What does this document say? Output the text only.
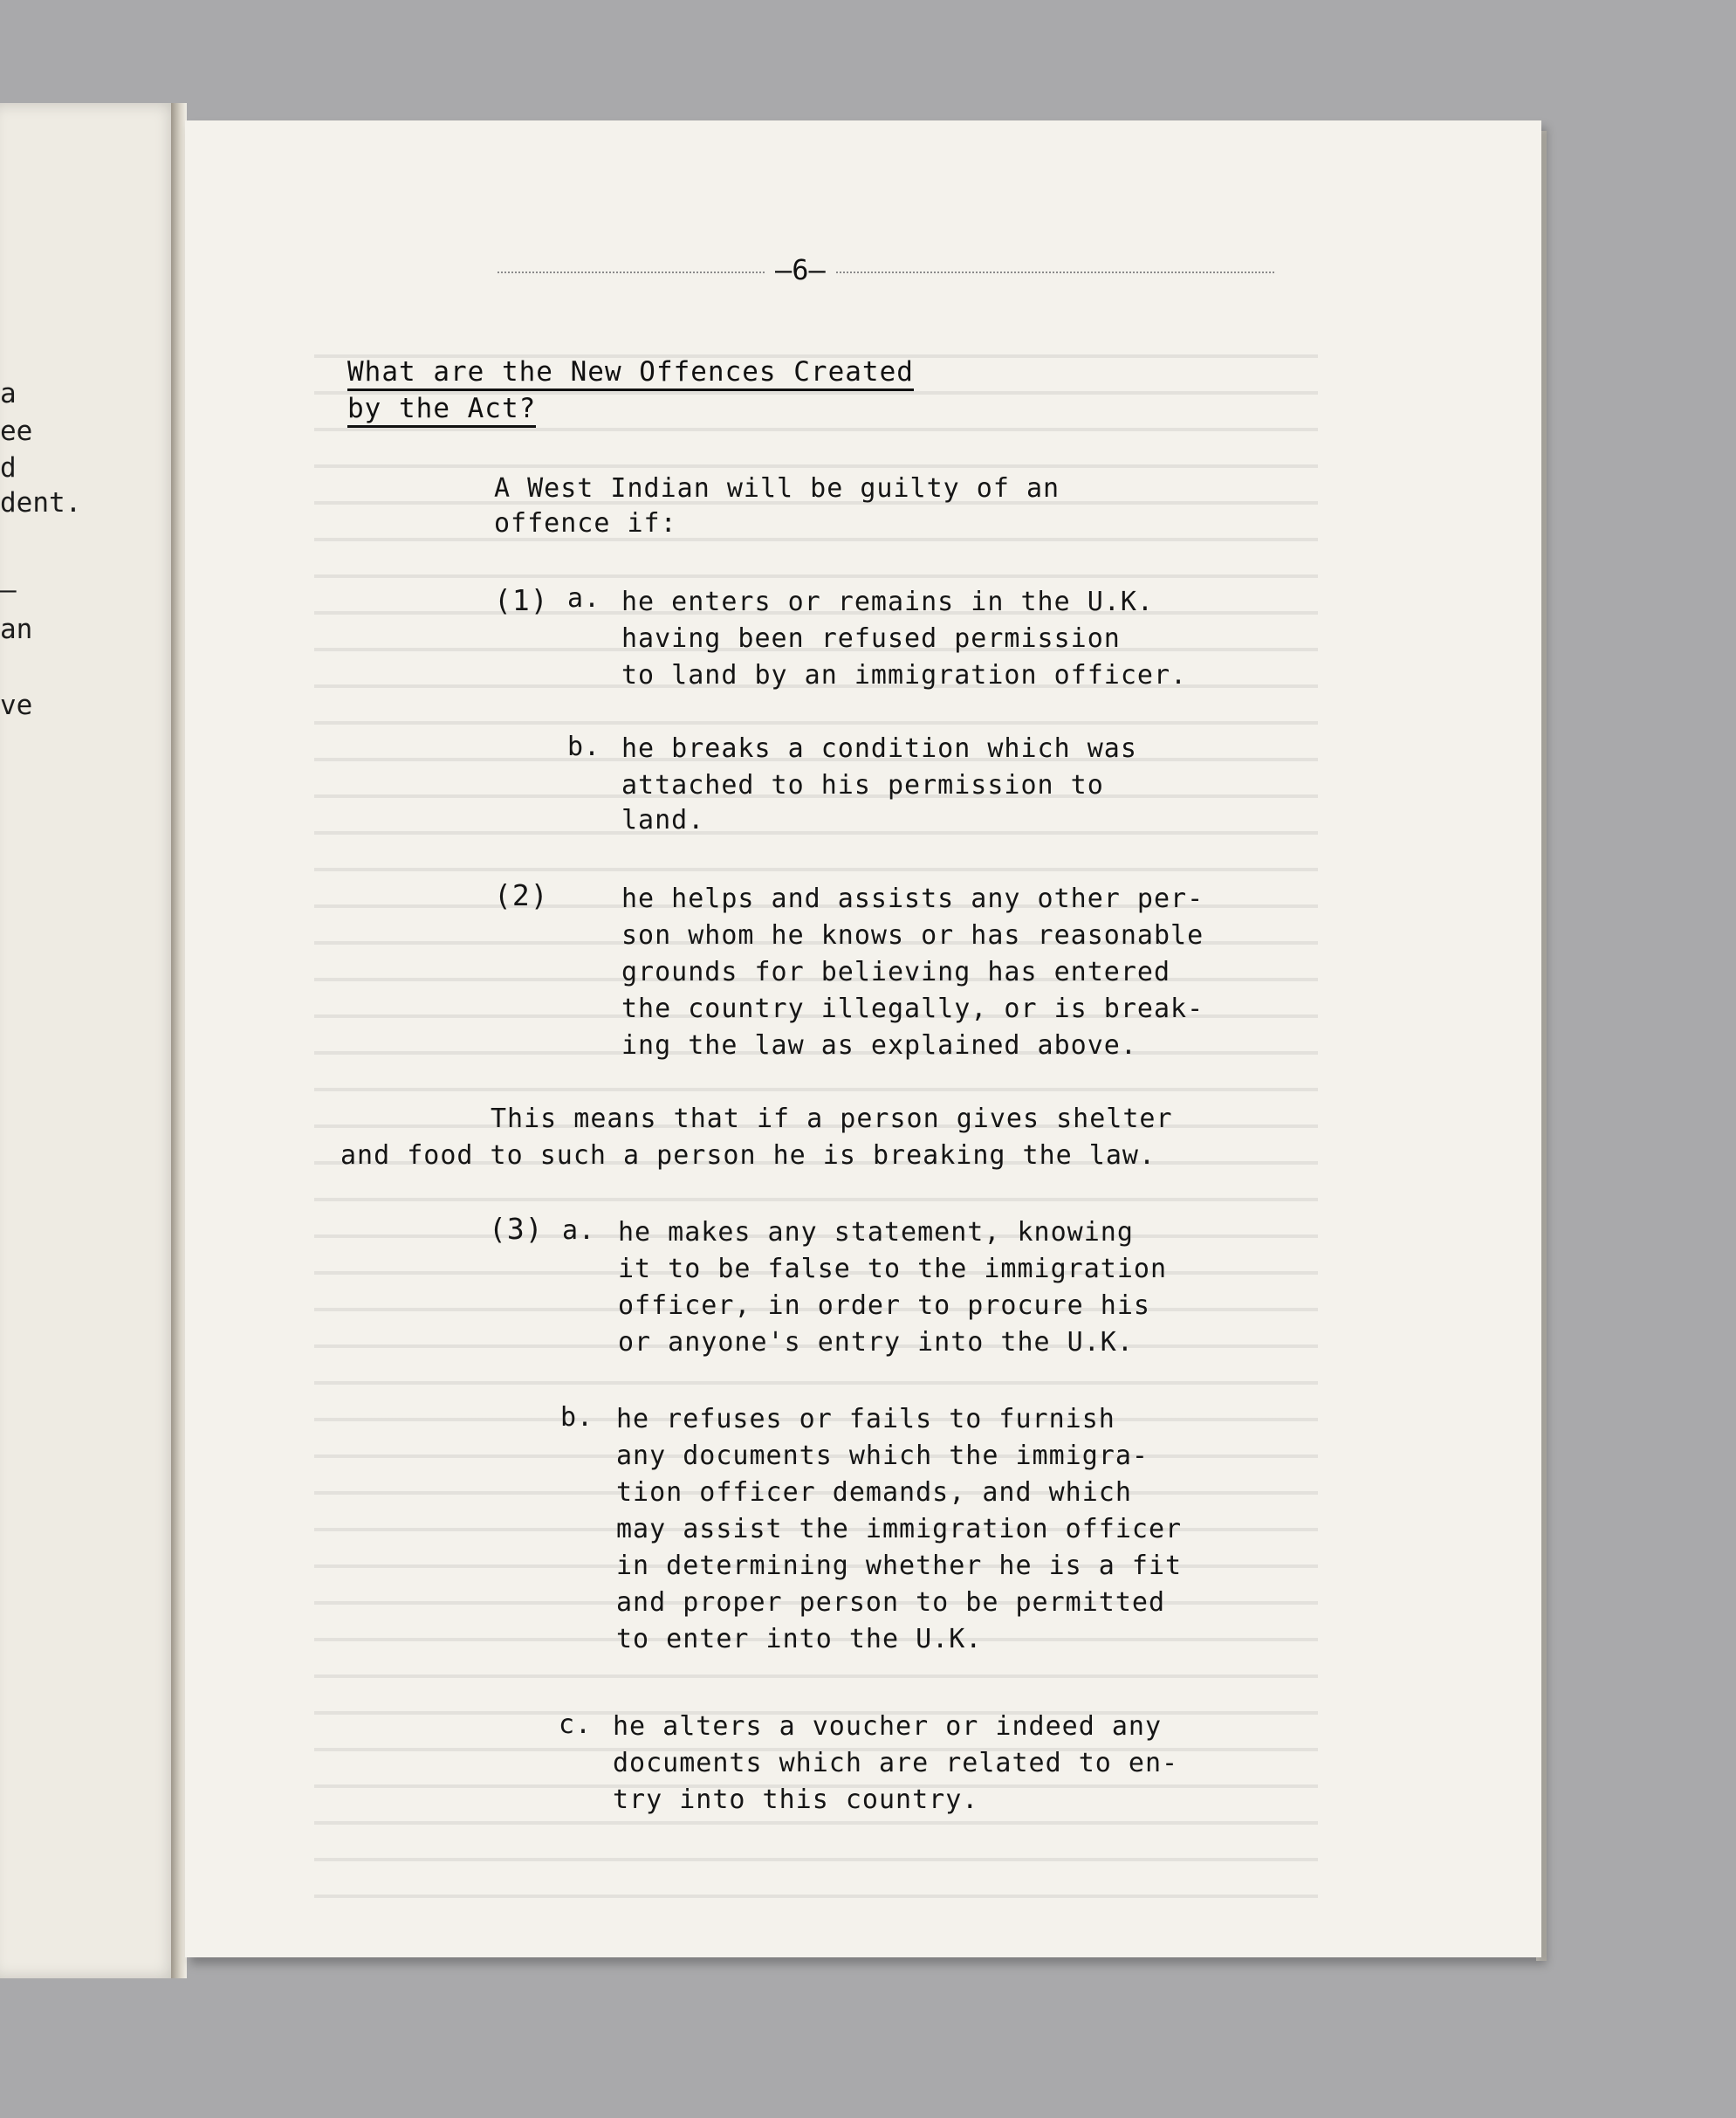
a
ee
d
dent.
–
an
ve
–6–
What are the New Offences Created
by the Act?
A West Indian will be guilty of an
offence if:
(1) a. he enters or remains in the U.K.
having been refused permission
to land by an immigration officer.
b. he breaks a condition which was
attached to his permission to
land.
(2)	he helps and assists any other per-
son whom he knows or has reasonable
grounds for believing has entered
the country illegally, or is break-
ing the law as explained above.
This means that if a person gives shelter
and food to such a person he is breaking the law.
(3) a. he makes any statement, knowing
it to be false to the immigration
officer, in order to procure his
or anyone's entry into the U.K.
b. he refuses or fails to furnish
any documents which the immigra-
tion officer demands, and which
may assist the immigration officer
in determining whether he is a fit
and proper person to be permitted
to enter into the U.K.
c. he alters a voucher or indeed any
documents which are related to en-
try into this country.
